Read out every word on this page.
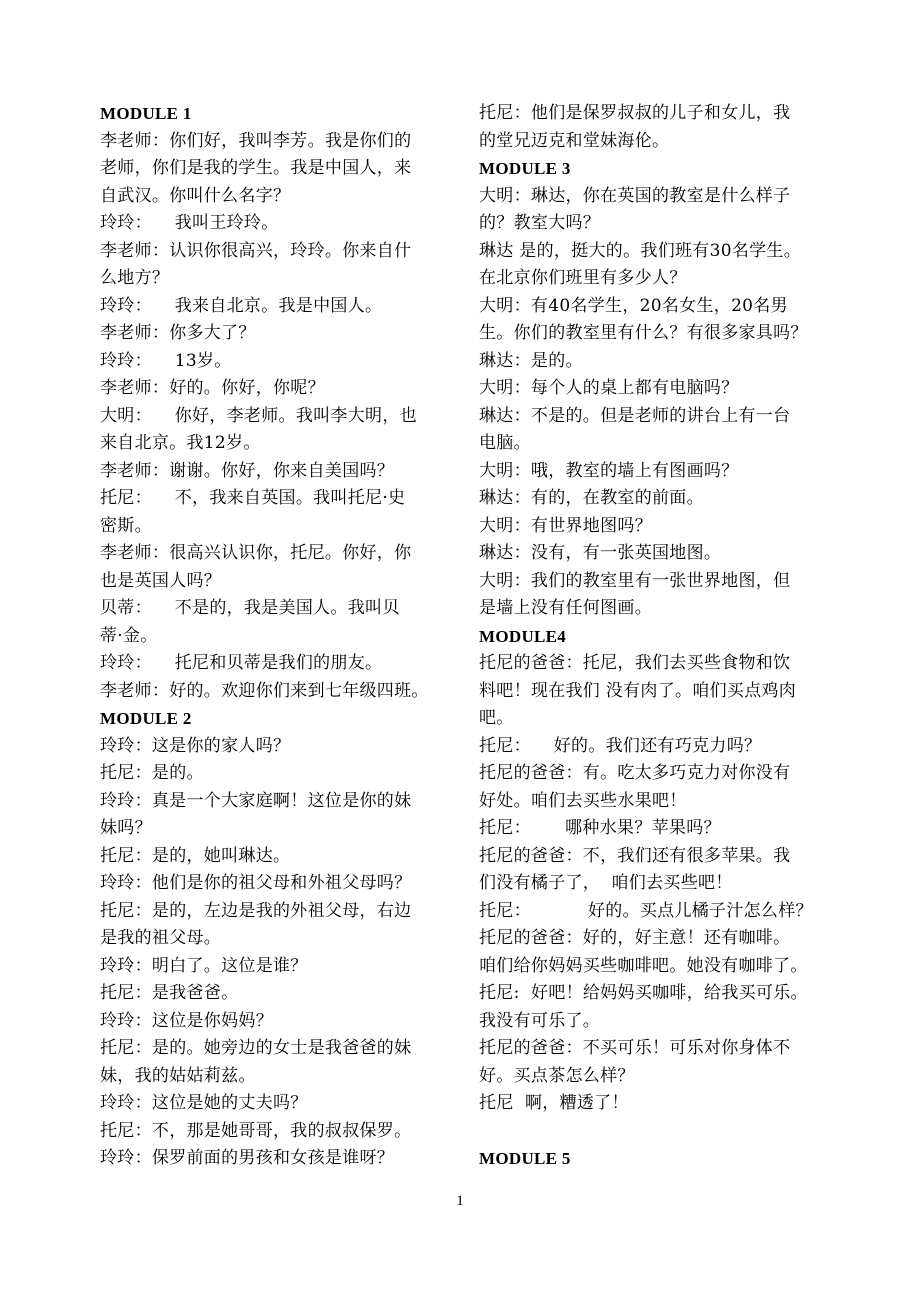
MODULE 1
李老师：你们好，我叫李芳。我是你们的
老师，你们是我的学生。我是中国人，来
自武汉。你叫什么名字？
玲玲：    我叫王玲玲。
李老师：认识你很高兴，玲玲。你来自什
么地方？
玲玲：    我来自北京。我是中国人。
李老师：你多大了？
玲玲：    13岁。
李老师：好的。你好，你呢？
大明：    你好，李老师。我叫李大明，也
来自北京。我12岁。
李老师：谢谢。你好，你来自美国吗？
托尼：    不，我来自英国。我叫托尼·史
密斯。
李老师：很高兴认识你，托尼。你好，你
也是英国人吗？
贝蒂：    不是的，我是美国人。我叫贝
蒂·金。
玲玲：    托尼和贝蒂是我们的朋友。
李老师：好的。欢迎你们来到七年级四班。
MODULE 2
玲玲：这是你的家人吗？
托尼：是的。
玲玲：真是一个大家庭啊！这位是你的妹
妹吗？
托尼：是的，她叫琳达。
玲玲：他们是你的祖父母和外祖父母吗？
托尼：是的，左边是我的外祖父母，右边
是我的祖父母。
玲玲：明白了。这位是谁？
托尼：是我爸爸。
玲玲：这位是你妈妈？
托尼：是的。她旁边的女士是我爸爸的妹
妹，我的姑姑莉兹。
玲玲：这位是她的丈夫吗？
托尼：不，那是她哥哥，我的叔叔保罗。
玲玲：保罗前面的男孩和女孩是谁呀？
托尼：他们是保罗叔叔的儿子和女儿，我
的堂兄迈克和堂妹海伦。
MODULE 3
大明：琳达，你在英国的教室是什么样子
的？教室大吗？
琳达 是的，挺大的。我们班有30名学生。
在北京你们班里有多少人？
大明：有40名学生，20名女生，20名男
生。你们的教室里有什么？有很多家具吗？
琳达：是的。
大明：每个人的桌上都有电脑吗？
琳达：不是的。但是老师的讲台上有一台
电脑。
大明：哦，教室的墙上有图画吗？
琳达：有的，在教室的前面。
大明：有世界地图吗？
琳达：没有，有一张英国地图。
大明：我们的教室里有一张世界地图，但
是墙上没有任何图画。
MODULE4
托尼的爸爸：托尼，我们去买些食物和饮
料吧！现在我们 没有肉了。咱们买点鸡肉
吧。
托尼：    好的。我们还有巧克力吗？
托尼的爸爸：有。吃太多巧克力对你没有
好处。咱们去买些水果吧！
托尼：      哪种水果？苹果吗？
托尼的爸爸：不，我们还有很多苹果。我
们没有橘子了，  咱们去买些吧！
托尼：          好的。买点儿橘子汁怎么样？
托尼的爸爸：好的，好主意！还有咖啡。
咱们给你妈妈买些咖啡吧。她没有咖啡了。
托尼:  好吧！给妈妈买咖啡，给我买可乐。
我没有可乐了。
托尼的爸爸：不买可乐！可乐对你身体不
好。买点茶怎么样？
托尼  啊，糟透了！
MODULE 5
1
